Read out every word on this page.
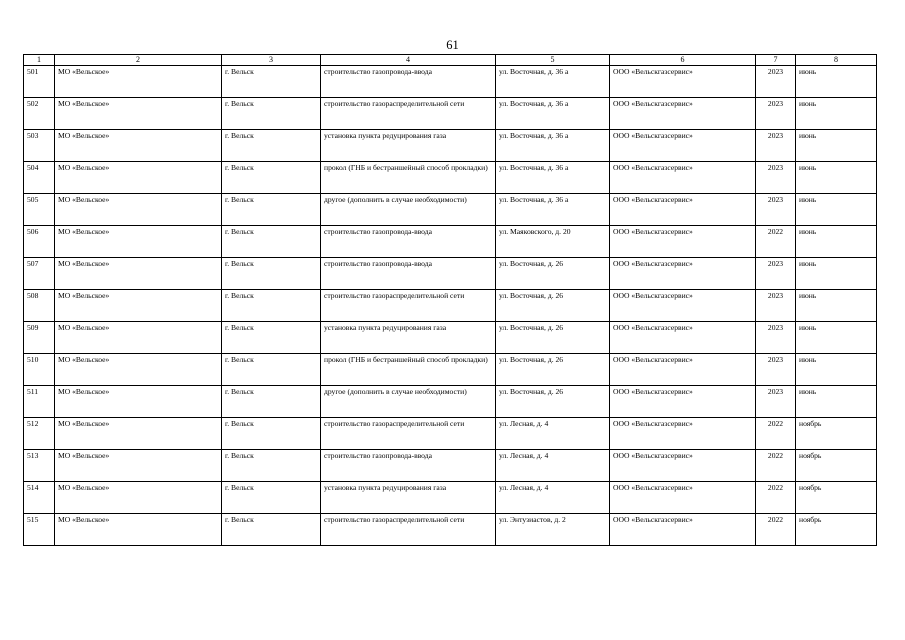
61
1	2	3	4	5	6	7	8
501	МО «Вельское»	г. Вельск	строительство газопровода-ввода	ул. Восточная, д. 36 а	ООО «Вельскгазсервис»	2023	июнь
502	МО «Вельское»	г. Вельск	строительство газораспределительной сети	ул. Восточная, д. 36 а	ООО «Вельскгазсервис»	2023	июнь
503	МО «Вельское»	г. Вельск	установка пункта редуцирования газа	ул. Восточная, д. 36 а	ООО «Вельскгазсервис»	2023	июнь
504	МО «Вельское»	г. Вельск	прокол (ГНБ и бестраншейный способ прокладки)	ул. Восточная, д. 36 а	ООО «Вельскгазсервис»	2023	июнь
505	МО «Вельское»	г. Вельск	другое (дополнить в случае необходимости)	ул. Восточная, д. 36 а	ООО «Вельскгазсервис»	2023	июнь
506	МО «Вельское»	г. Вельск	строительство газопровода-ввода	ул. Маяковского, д. 20	ООО «Вельскгазсервис»	2022	июнь
507	МО «Вельское»	г. Вельск	строительство газопровода-ввода	ул. Восточная, д. 26	ООО «Вельскгазсервис»	2023	июнь
508	МО «Вельское»	г. Вельск	строительство газораспределительной сети	ул. Восточная, д. 26	ООО «Вельскгазсервис»	2023	июнь
509	МО «Вельское»	г. Вельск	установка пункта редуцирования газа	ул. Восточная, д. 26	ООО «Вельскгазсервис»	2023	июнь
510	МО «Вельское»	г. Вельск	прокол (ГНБ и бестраншейный способ прокладки)	ул. Восточная, д. 26	ООО «Вельскгазсервис»	2023	июнь
511	МО «Вельское»	г. Вельск	другое (дополнить в случае необходимости)	ул. Восточная, д. 26	ООО «Вельскгазсервис»	2023	июнь
512	МО «Вельское»	г. Вельск	строительство газораспределительной сети	ул. Лесная, д. 4	ООО «Вельскгазсервис»	2022	ноябрь
513	МО «Вельское»	г. Вельск	строительство газопровода-ввода	ул. Лесная, д. 4	ООО «Вельскгазсервис»	2022	ноябрь
514	МО «Вельское»	г. Вельск	установка пункта редуцирования газа	ул. Лесная, д. 4	ООО «Вельскгазсервис»	2022	ноябрь
515	МО «Вельское»	г. Вельск	строительство газораспределительной сети	ул. Энтузиастов, д. 2	ООО «Вельскгазсервис»	2022	ноябрь
